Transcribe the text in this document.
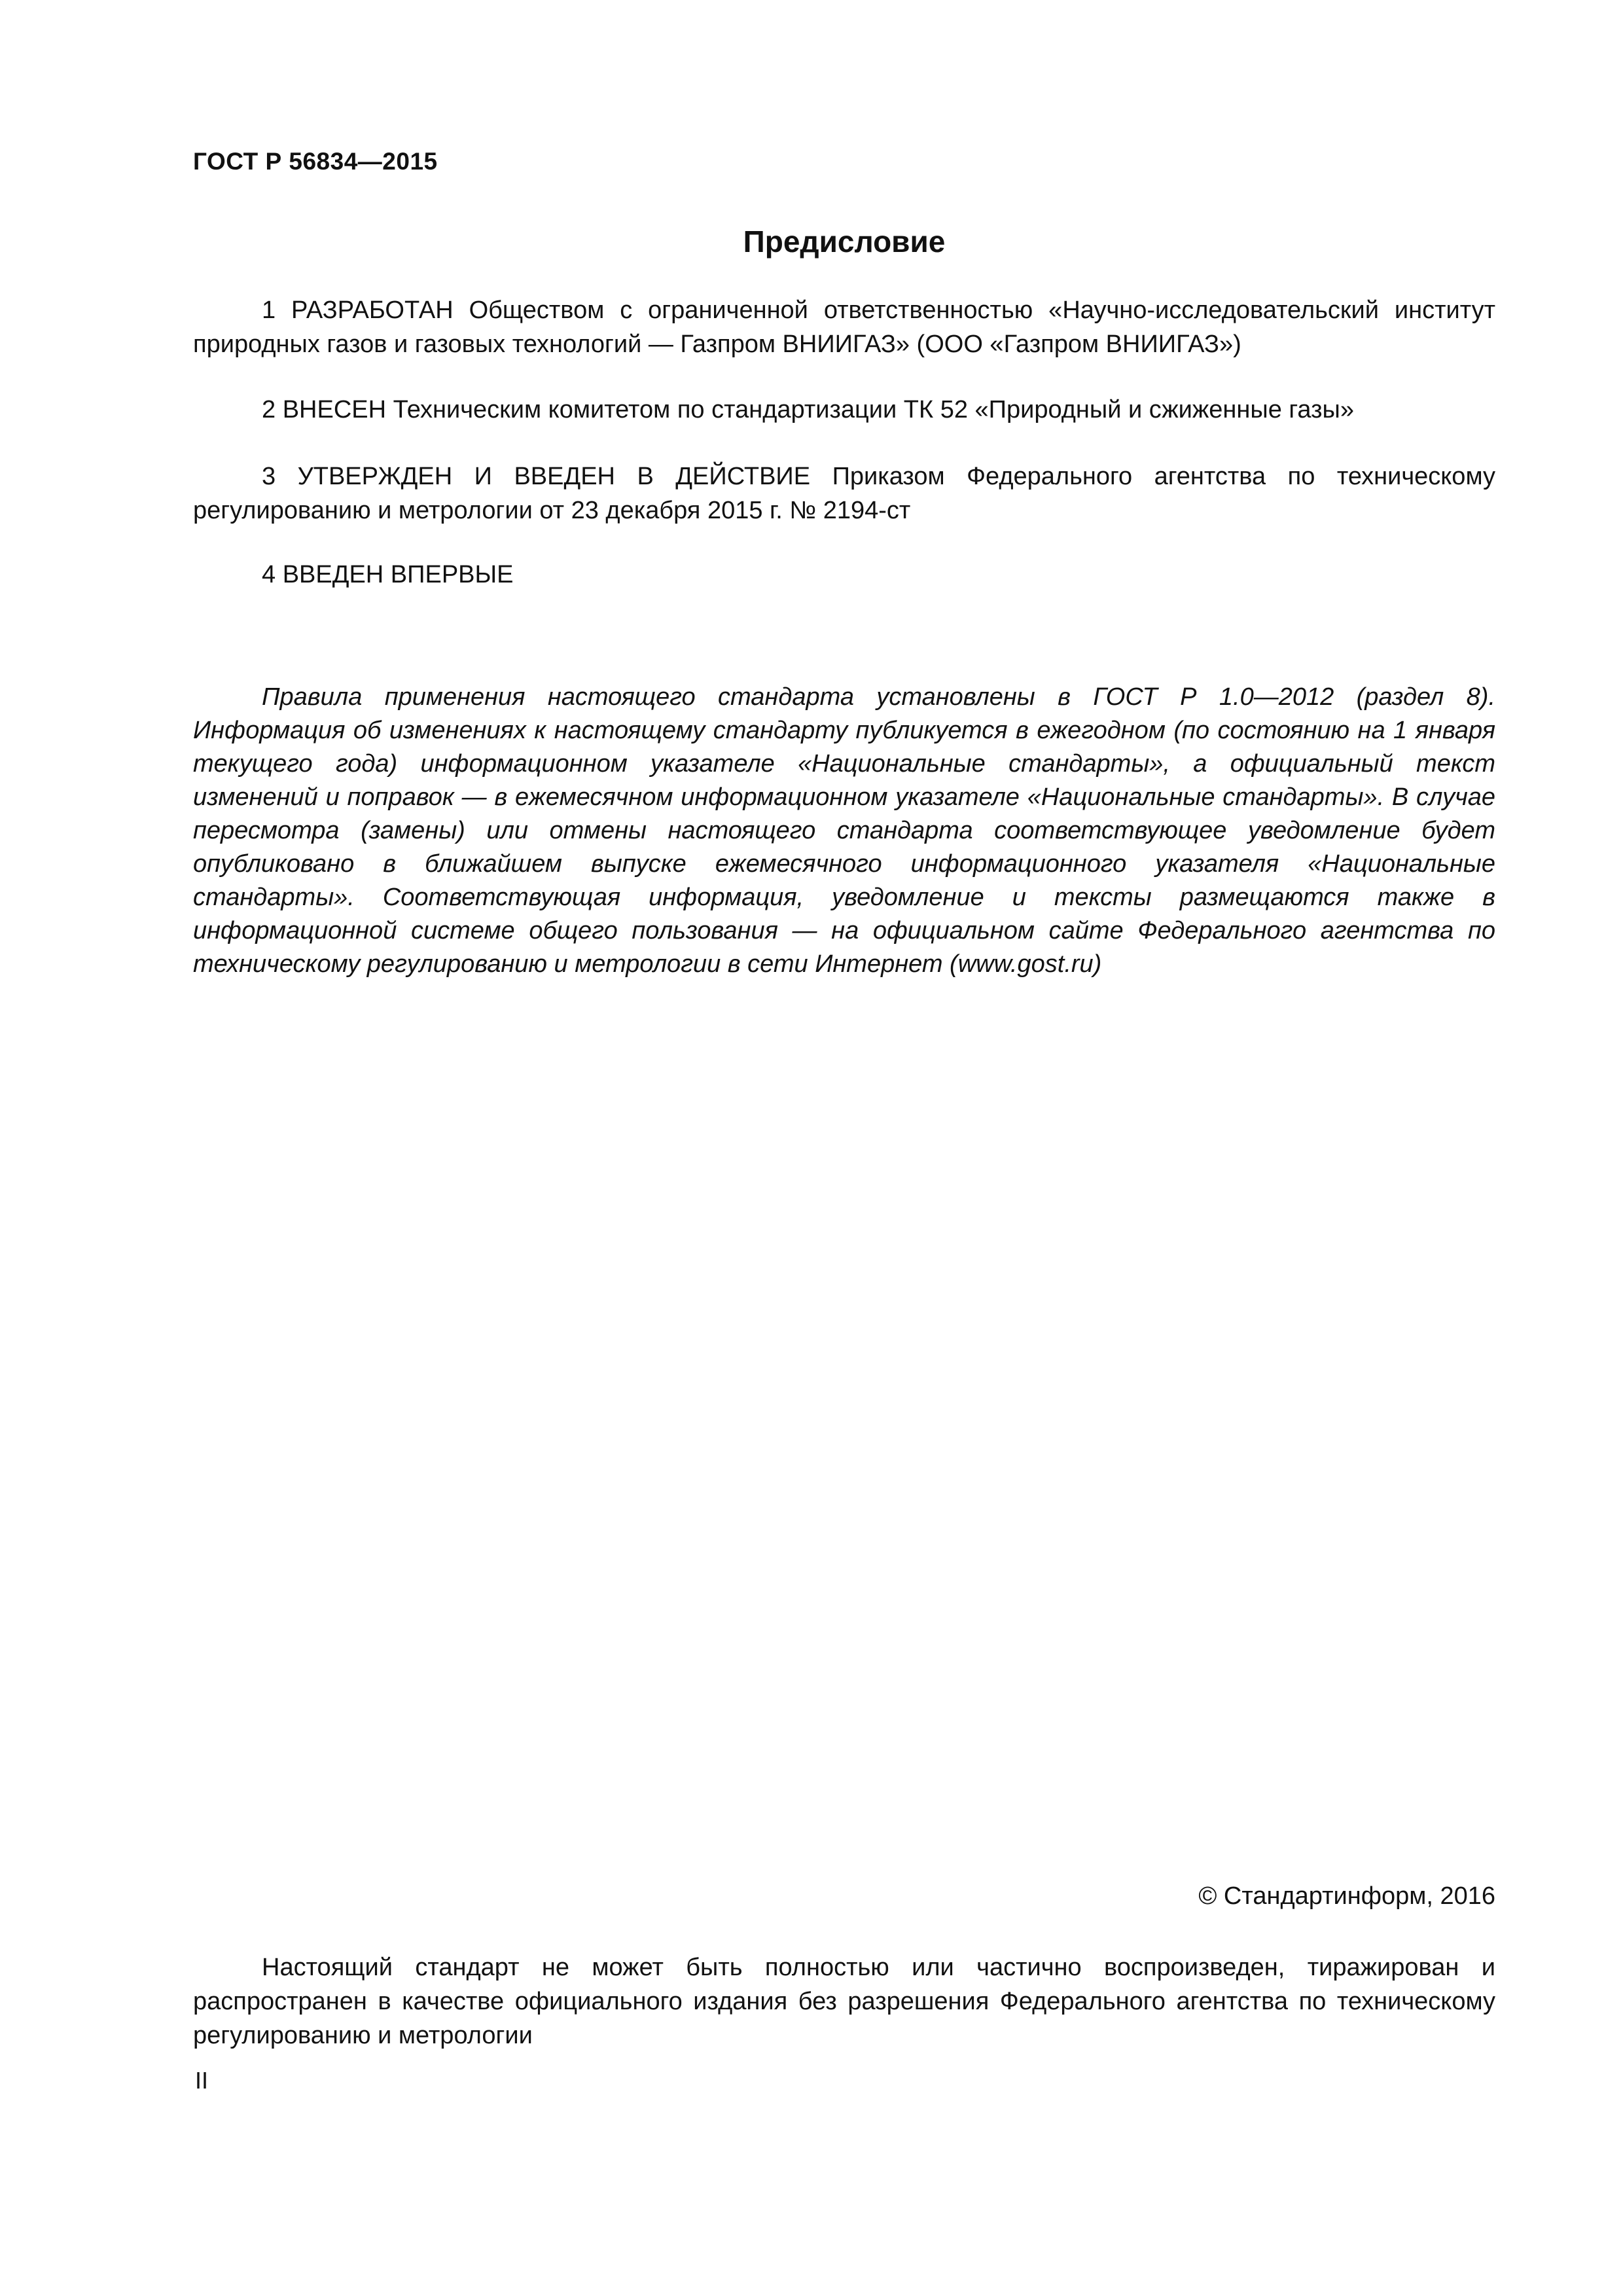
ГОСТ Р 56834—2015
Предисловие

1 РАЗРАБОТАН Обществом с ограниченной ответственностью «Научно-исследовательский институт природных газов и газовых технологий — Газпром ВНИИГАЗ» (ООО «Газпром ВНИИГАЗ»)

2 ВНЕСЕН Техническим комитетом по стандартизации ТК 52 «Природный и сжиженные газы»

3 УТВЕРЖДЕН И ВВЕДЕН В ДЕЙСТВИЕ Приказом Федерального агентства по техническому регулированию и метрологии от 23 декабря 2015 г. № 2194-ст

4 ВВЕДЕН ВПЕРВЫЕ

Правила применения настоящего стандарта установлены в ГОСТ Р 1.0—2012 (раздел 8). Информация об изменениях к настоящему стандарту публикуется в ежегодном (по состоянию на 1 января текущего года) информационном указателе «Национальные стандарты», а официальный текст изменений и поправок — в ежемесячном информационном указателе «Национальные стандарты». В случае пересмотра (замены) или отмены настоящего стандарта соответствующее уведомление будет опубликовано в ближайшем выпуске ежемесячного информационного указателя «Национальные стандарты». Соответствующая информация, уведомление и тексты размещаются также в информационной системе общего пользования — на официальном сайте Федерального агентства по техническому регулированию и метрологии в сети Интернет (www.gost.ru)

© Стандартинформ, 2016

Настоящий стандарт не может быть полностью или частично воспроизведен, тиражирован и распространен в качестве официального издания без разрешения Федерального агентства по техническому регулированию и метрологии

II
